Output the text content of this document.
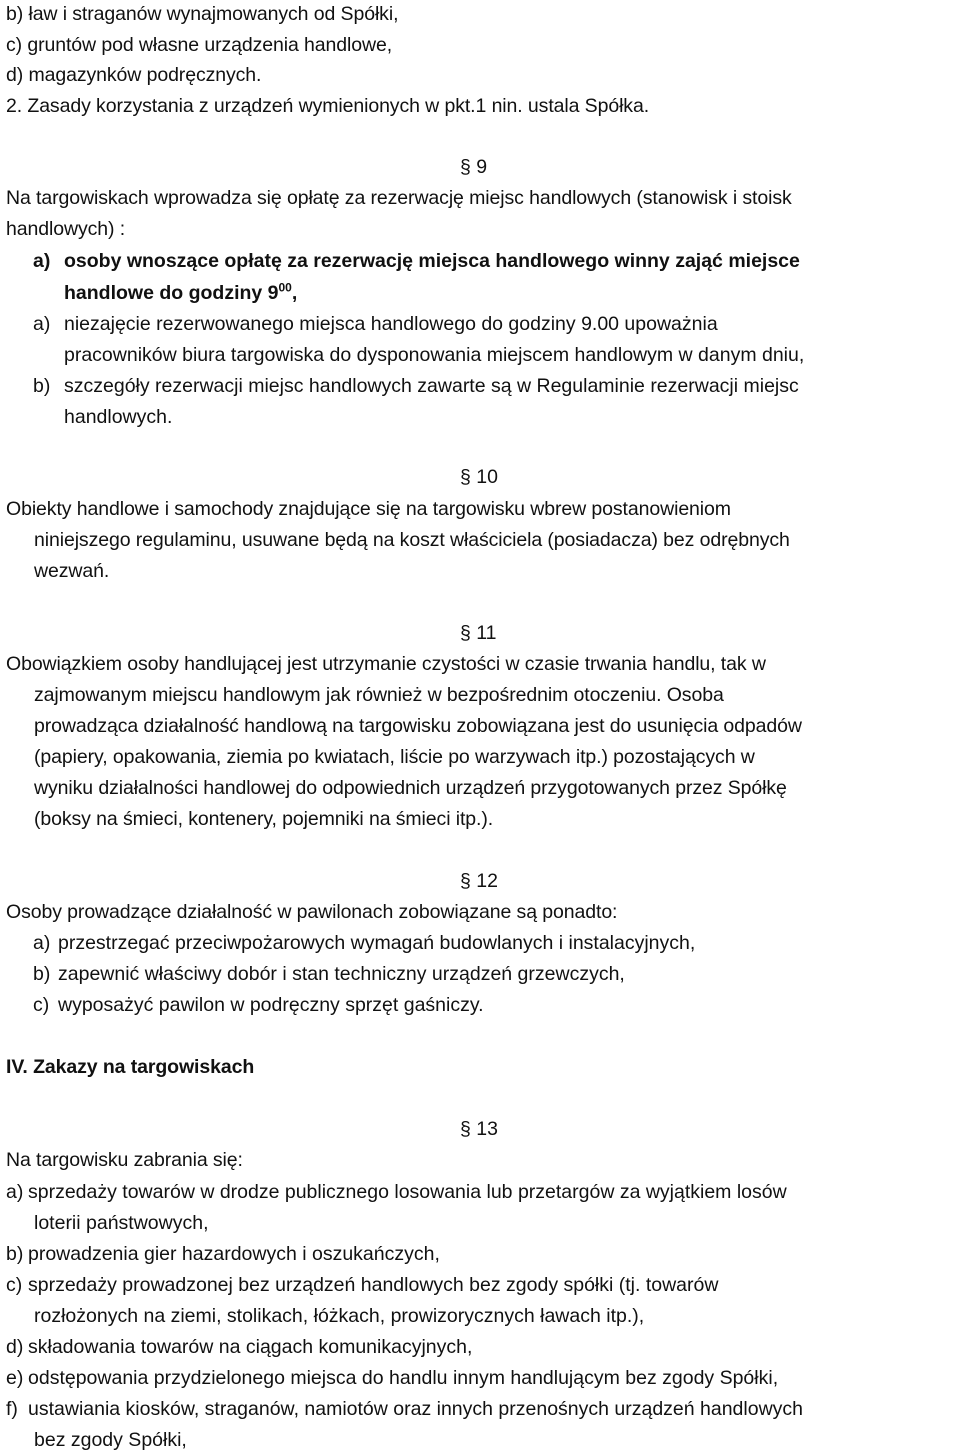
b) ław i straganów wynajmowanych od Spółki,
c) gruntów pod własne urządzenia handlowe,
d) magazynków podręcznych.
2. Zasady korzystania z urządzeń wymienionych w pkt.1 nin. ustala Spółka.
§ 9
Na targowiskach wprowadza się opłatę za rezerwację miejsc handlowych (stanowisk i stoisk
handlowych) :
a) osoby wnoszące opłatę za rezerwację miejsca handlowego winny zająć miejsce
handlowe do godziny $9^{00}$,
a) niezajęcie rezerwowanego miejsca handlowego do godziny 9.00 upoważnia
pracowników biura targowiska do dysponowania miejscem handlowym w danym dniu,
b) szczegóły rezerwacji miejsc handlowych zawarte są w Regulaminie rezerwacji miejsc
handlowych.
§ 10
Obiekty handlowe i samochody znajdujące się na targowisku wbrew postanowieniom
niniejszego regulaminu, usuwane będą na koszt właściciela (posiadacza) bez odrębnych
wezwań.
§ 11
Obowiązkiem osoby handlującej jest utrzymanie czystości w czasie trwania handlu, tak w
zajmowanym miejscu handlowym jak również w bezpośrednim otoczeniu. Osoba
prowadząca działalność handlową na targowisku zobowiązana jest do usunięcia odpadów
(papiery, opakowania, ziemia po kwiatach, liście po warzywach itp.) pozostających w
wyniku działalności handlowej do odpowiednich urządzeń przygotowanych przez Spółkę
(boksy na śmieci, kontenery, pojemniki na śmieci itp.).
§ 12
Osoby prowadzące działalność w pawilonach zobowiązane są ponadto:
a) przestrzegać przeciwpożarowych wymagań budowlanych i instalacyjnych,
b) zapewnić właściwy dobór i stan techniczny urządzeń grzewczych,
c) wyposażyć pawilon w podręczny sprzęt gaśniczy.
IV. Zakazy na targowiskach
§ 13
Na targowisku zabrania się:
a) sprzedaży towarów w drodze publicznego losowania lub przetargów za wyjątkiem losów
loterii państwowych,
b) prowadzenia gier hazardowych i oszukańczych,
c) sprzedaży prowadzonej bez urządzeń handlowych bez zgody spółki (tj. towarów
rozłożonych na ziemi, stolikach, łóżkach, prowizorycznych ławach itp.),
d) składowania towarów na ciągach komunikacyjnych,
e) odstępowania przydzielonego miejsca do handlu innym handlującym bez zgody Spółki,
f) ustawiania kiosków, straganów, namiotów oraz innych przenośnych urządzeń handlowych
bez zgody Spółki,
